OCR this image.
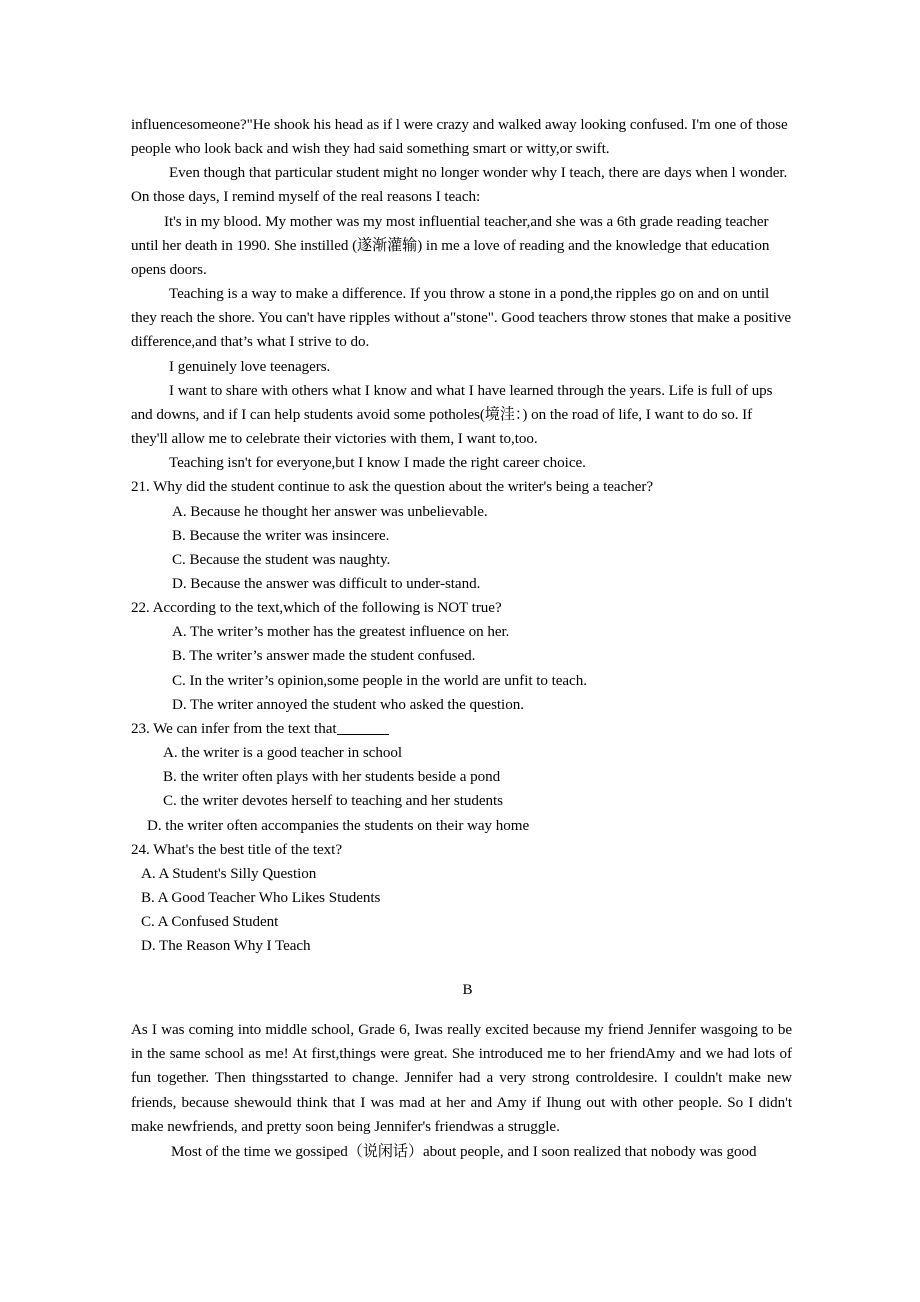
influencesomeone?"He shook his head as if l were crazy and walked away looking confused. I'm one of those people who look back and wish they had said something smart or witty,or swift.

Even though that particular student might no longer wonder why I teach, there are days when l wonder. On those days, I remind myself of the real reasons I teach:

It's in my blood. My mother was my most influential teacher,and she was a 6th grade reading teacher until her death in 1990. She instilled (遂渐灌输) in me a love of reading and the knowledge that education opens doors.

Teaching is a way to make a difference. If you throw a stone in a pond,the ripples go on and on until they reach the shore. You can't have ripples without a"stone". Good teachers throw stones that make a positive difference,and that’s what I strive to do.

I genuinely love teenagers.

I want to share with others what I know and what I have learned through the years. Life is full of ups and downs, and if I can help students avoid some potholes(境洼：) on the road of life, I want to do so. If they'll allow me to celebrate their victories with them, I want to,too.

Teaching isn't for everyone,but I know I made the right career choice.

21. Why did the student continue to ask the question about the writer's being a teacher?

A. Because he thought her answer was unbelievable.

B. Because the writer was insincere.

C. Because the student was naughty.

D. Because the answer was difficult to under-stand.

22. According to the text,which of the following is NOT true?

A. The writer’s mother has the greatest influence on her.

B. The writer’s answer made the student confused.

C. In the writer’s opinion,some people in the world are unfit to teach.

D. The writer annoyed the student who asked the question.

23. We can infer from the text that

A. the writer is a good teacher in school

B. the writer often plays with her students beside a pond

C. the writer devotes herself to teaching and her students

D. the writer often accompanies the students on their way home

24. What's the best title of the text?

A. A Student's Silly Question

B. A Good Teacher Who Likes Students

C. A Confused Student

D. The Reason Why I Teach

B

As I was coming into middle school, Grade 6, Iwas really excited because my friend Jennifer wasgoing to be in the same school as me! At first,things were great. She introduced me to her friendAmy and we had lots of fun together. Then thingsstarted to change. Jennifer had a very strong controldesire. I couldn't make new friends, because shewould think that I was mad at her and Amy if Ihung out with other people. So I didn't make newfriends, and pretty soon being Jennifer's friendwas a struggle.

Most of the time we gossiped（说闲话）about people, and I soon realized that nobody was good
